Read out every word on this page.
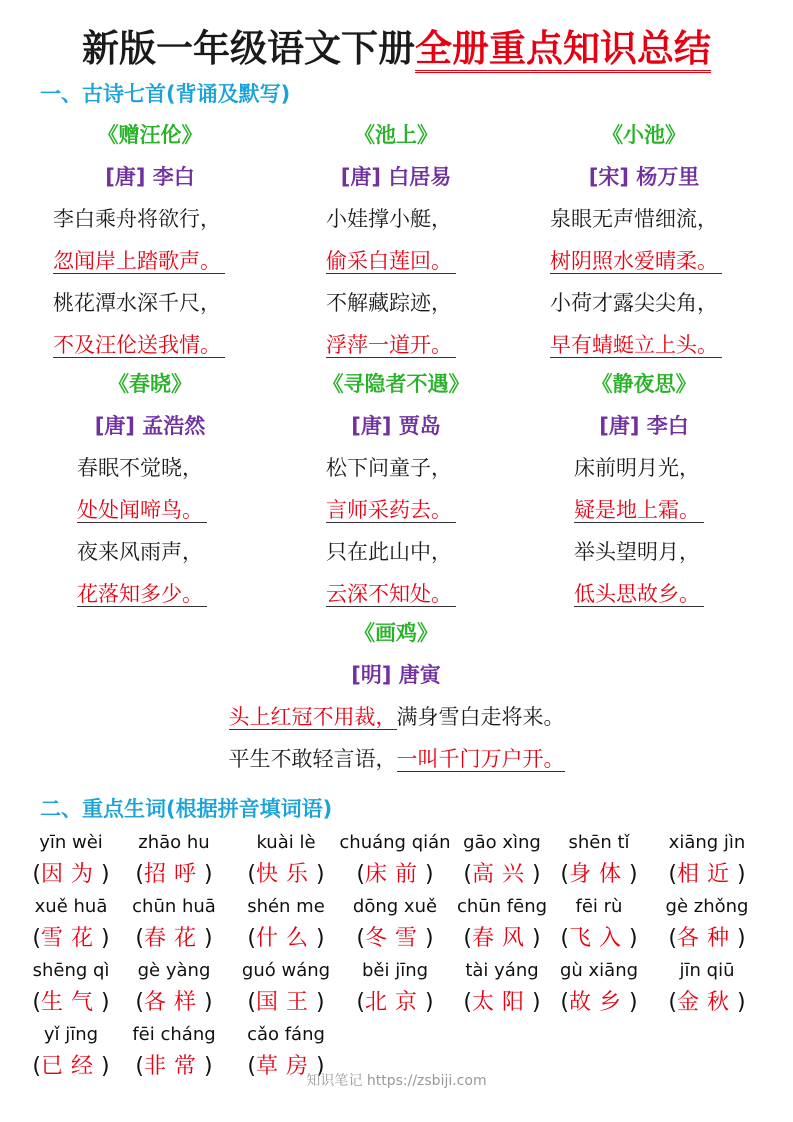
新版一年级语文下册全册重点知识总结
一、古诗七首(背诵及默写)
《赠汪伦》
[唐] 李白
李白乘舟将欲行，
忽闻岸上踏歌声。
桃花潭水深千尺，
不及汪伦送我情。
《池上》
[唐] 白居易
小娃撑小艇，
偷采白莲回。
不解藏踪迹，
浮萍一道开。
《小池》
[宋] 杨万里
泉眼无声惜细流，
树阴照水爱晴柔。
小荷才露尖尖角，
早有蜻蜓立上头。
《春晓》
[唐] 孟浩然
春眠不觉晓，
处处闻啼鸟。
夜来风雨声，
花落知多少。
《寻隐者不遇》
[唐] 贾岛
松下问童子，
言师采药去。
只在此山中，
云深不知处。
《静夜思》
[唐] 李白
床前明月光，
疑是地上霜。
举头望明月，
低头思故乡。
《画鸡》
[明] 唐寅
头上红冠不用裁，满身雪白走将来。
平生不敢轻言语，一叫千门万户开。
二、重点生词(根据拼音填词语)
yīn wèi
(因为)
zhāo hu
(招呼)
kuài lè
(快乐)
chuáng qián
(床前)
gāo xìng
(高兴)
shēn tǐ
(身体)
xiāng jìn
(相近)
xuě huā
(雪花)
chūn huā
(春花)
shén me
(什么)
dōng xuě
(冬雪)
chūn fēng
(春风)
fēi rù
(飞入)
gè zhǒng
(各种)
shēng qì
(生气)
gè yàng
(各样)
guó wáng
(国王)
běi jīng
(北京)
tài yáng
(太阳)
gù xiāng
(故乡)
jīn qiū
(金秋)
yǐ jīng
(已经)
fēi cháng
(非常)
cǎo fáng
(草房)
知识笔记 https://zsbiji.com
